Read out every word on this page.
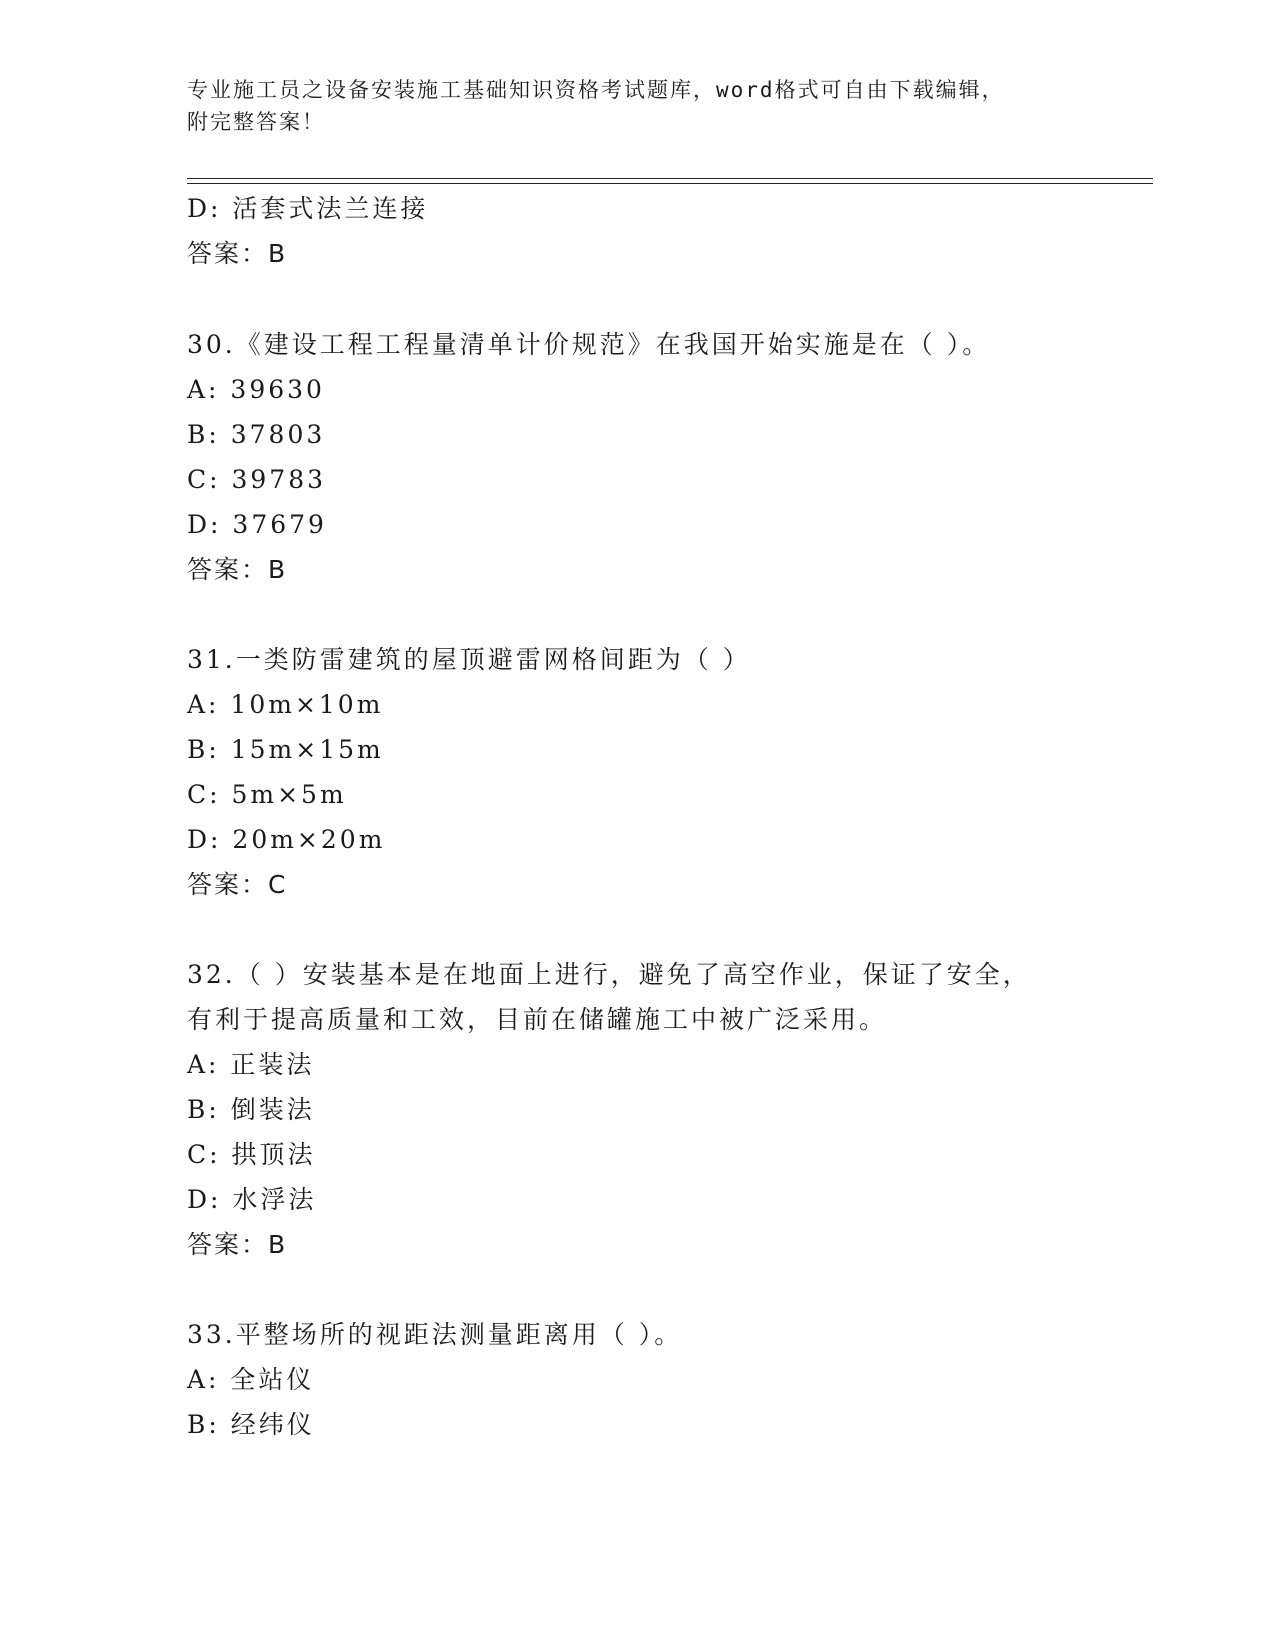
专业施工员之设备安装施工基础知识资格考试题库，word格式可自由下载编辑，
附完整答案！
D: 活套式法兰连接
答案：B
30.《建设工程工程量清单计价规范》在我国开始实施是在（ ）。
A: 39630
B: 37803
C: 39783
D: 37679
答案：B
31.一类防雷建筑的屋顶避雷网格间距为（ ）
A: 10m×10m
B: 15m×15m
C: 5m×5m
D: 20m×20m
答案：C
32.（ ）安装基本是在地面上进行，避免了高空作业，保证了安全，
有利于提高质量和工效，目前在储罐施工中被广泛采用。
A: 正装法
B: 倒装法
C: 拱顶法
D: 水浮法
答案：B
33.平整场所的视距法测量距离用（ ）。
A: 全站仪
B: 经纬仪
